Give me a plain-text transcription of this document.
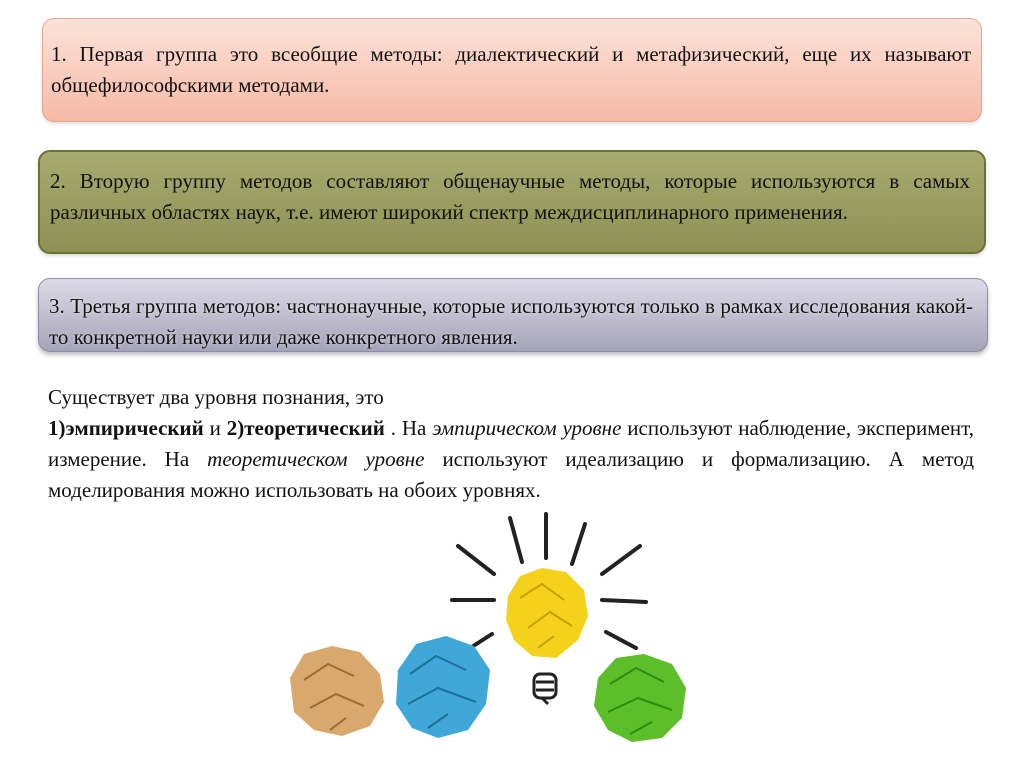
1. Первая группа это всеобщие методы: диалектический и метафизический, еще их называют общефилософскими методами.
2. Вторую группу методов составляют общенаучные методы, которые используются в самых различных областях наук, т.е. имеют широкий спектр междисциплинарного применения.
3. Третья группа методов: частнонаучные, которые используются только в рамках исследования какой-то конкретной науки или даже конкретного явления.
Существует два уровня познания, это
1)эмпирический и 2)теоретический . На эмпирическом уровне используют наблюдение, эксперимент, измерение. На теоретическом уровне используют идеализацию и формализацию. А метод моделирования можно использовать на обоих уровнях.
